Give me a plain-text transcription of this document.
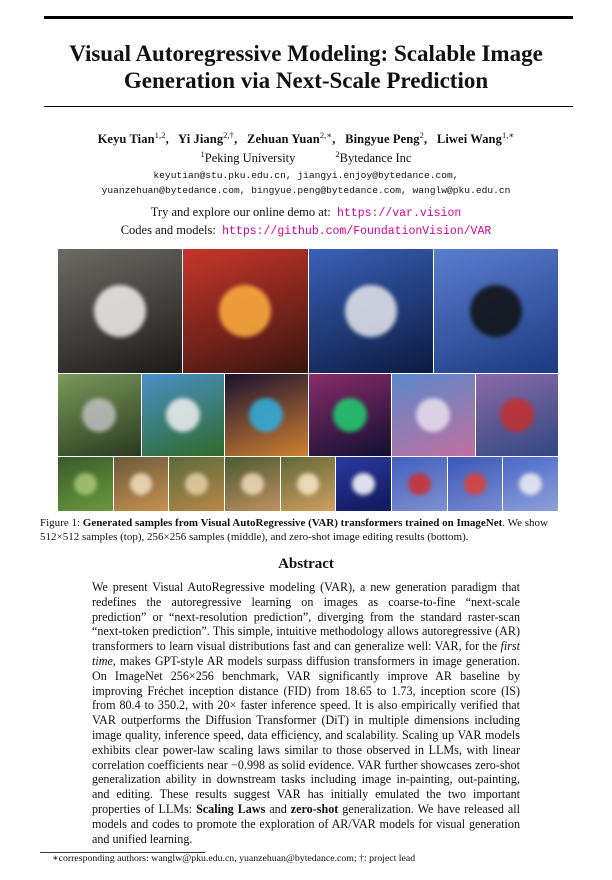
Visual Autoregressive Modeling: Scalable Image
Generation via Next-Scale Prediction
Keyu Tian$^{1,2}$,   Yi Jiang$^{2,\dagger}$,   Zehuan Yuan$^{2,∗}$,   Bingyue Peng$^2$,   Liwei Wang$^{1,∗}$
$^1$Peking University	$^2$Bytedance Inc
keyutian@stu.pku.edu.cn, jiangyi.enjoy@bytedance.com,
yuanzehuan@bytedance.com, bingyue.peng@bytedance.com, wanglw@pku.edu.cn
Try and explore our online demo at: https://var.vision
Codes and models: https://github.com/FoundationVision/VAR
Figure 1: Generated samples from Visual AutoRegressive (VAR) transformers trained on ImageNet. We show 512×512 samples (top), 256×256 samples (middle), and zero-shot image editing results (bottom).
Abstract
We present Visual AutoRegressive modeling (VAR), a new generation paradigm that redefines the autoregressive learning on images as coarse-to-fine “next-scale prediction” or “next-resolution prediction”, diverging from the standard raster-scan “next-token prediction”. This simple, intuitive methodology allows autoregressive (AR) transformers to learn visual distributions fast and can generalize well: VAR, for the first time, makes GPT-style AR models surpass diffusion transformers in image generation. On ImageNet 256×256 benchmark, VAR significantly improve AR baseline by improving Fréchet inception distance (FID) from 18.65 to 1.73, inception score (IS) from 80.4 to 350.2, with 20× faster inference speed. It is also empirically verified that VAR outperforms the Diffusion Transformer (DiT) in multiple dimensions including image quality, inference speed, data efficiency, and scalability. Scaling up VAR models exhibits clear power-law scaling laws similar to those observed in LLMs, with linear correlation coefficients near −0.998 as solid evidence. VAR further showcases zero-shot generalization ability in downstream tasks including image in-painting, out-painting, and editing. These results suggest VAR has initially emulated the two important properties of LLMs: Scaling Laws and zero-shot generalization. We have released all models and codes to promote the exploration of AR/VAR models for visual generation and unified learning.
∗corresponding authors: wanglw@pku.edu.cn, yuanzehuan@bytedance.com; †: project lead
